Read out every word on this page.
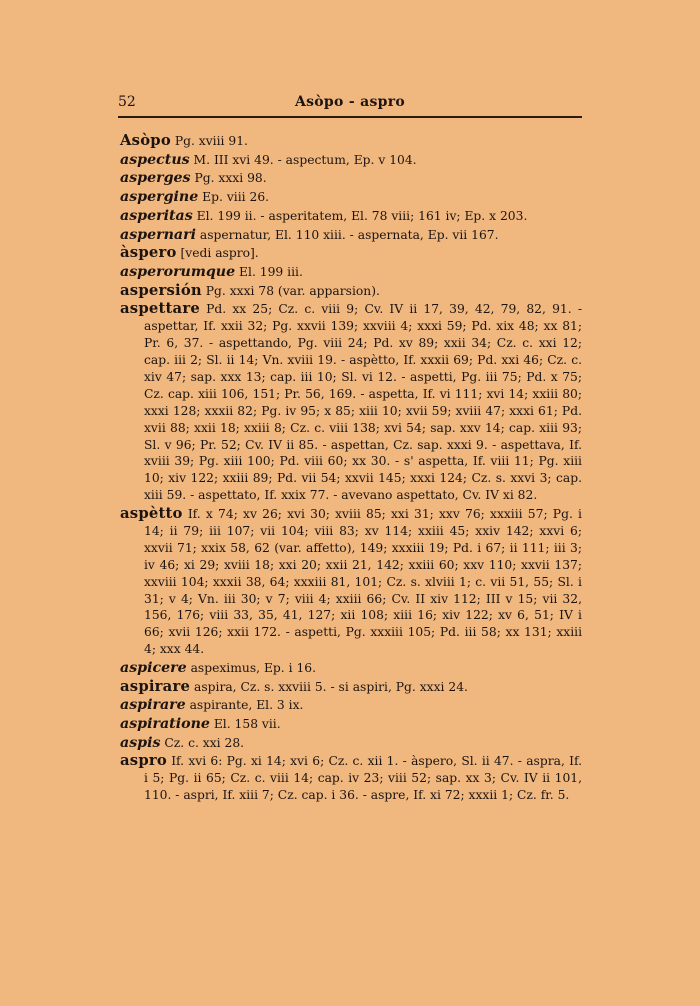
52	Asòpo - aspro
Asòpo Pg. xviii 91.
aspectus M. III xvi 49. - aspectum, Ep. v 104.
asperges Pg. xxxi 98.
aspergine Ep. viii 26.
asperitas El. 199 ii. - asperitatem, El. 78 viii; 161 iv; Ep. x 203.
aspernari aspernatur, El. 110 xiii. - aspernata, Ep. vii 167.
àspero [vedi aspro].
asperorumque El. 199 iii.
aspersión Pg. xxxi 78 (var. apparsion).
aspettare Pd. xx 25; Cz. c. viii 9; Cv. IV ii 17, 39, 42, 79, 82, 91. - aspettar, If. xxii 32; Pg. xxvii 139; xxviii 4; xxxi 59; Pd. xix 48; xx 81; Pr. 6, 37. - aspettando, Pg. viii 24; Pd. xv 89; xxii 34; Cz. c. xxi 12; cap. iii 2; Sl. ii 14; Vn. xviii 19. - aspètto, If. xxxii 69; Pd. xxi 46; Cz. c. xiv 47; sap. xxx 13; cap. iii 10; Sl. vi 12. - aspetti, Pg. iii 75; Pd. x 75; Cz. cap. xiii 106, 151; Pr. 56, 169. - aspetta, If. vi 111; xvi 14; xxiii 80; xxxi 128; xxxii 82; Pg. iv 95; x 85; xiii 10; xvii 59; xviii 47; xxxi 61; Pd. xvii 88; xxii 18; xxiii 8; Cz. c. viii 138; xvi 54; sap. xxv 14; cap. xiii 93; Sl. v 96; Pr. 52; Cv. IV ii 85. - aspettan, Cz. sap. xxxi 9. - aspettava, If. xviii 39; Pg. xiii 100; Pd. viii 60; xx 30. - s' aspetta, If. viii 11; Pg. xiii 10; xiv 122; xxiii 89; Pd. vii 54; xxvii 145; xxxi 124; Cz. s. xxvi 3; cap. xiii 59. - aspettato, If. xxix 77. - avevano aspettato, Cv. IV xi 82.
aspètto If. x 74; xv 26; xvi 30; xviii 85; xxi 31; xxv 76; xxxiii 57; Pg. i 14; ii 79; iii 107; vii 104; viii 83; xv 114; xxiii 45; xxiv 142; xxvi 6; xxvii 71; xxix 58, 62 (var. affetto), 149; xxxiii 19; Pd. i 67; ii 111; iii 3; iv 46; xi 29; xviii 18; xxi 20; xxii 21, 142; xxiii 60; xxv 110; xxvii 137; xxviii 104; xxxii 38, 64; xxxiii 81, 101; Cz. s. xlviii 1; c. vii 51, 55; Sl. i 31; v 4; Vn. iii 30; v 7; viii 4; xxiii 66; Cv. II xiv 112; III v 15; vii 32, 156, 176; viii 33, 35, 41, 127; xii 108; xiii 16; xiv 122; xv 6, 51; IV i 66; xvii 126; xxii 172. - aspetti, Pg. xxxiii 105; Pd. iii 58; xx 131; xxiii 4; xxx 44.
aspicere aspeximus, Ep. i 16.
aspirare aspira, Cz. s. xxviii 5. - si aspiri, Pg. xxxi 24.
aspirare aspirante, El. 3 ix.
aspiratione El. 158 vii.
aspis Cz. c. xxi 28.
aspro If. xvi 6: Pg. xi 14; xvi 6; Cz. c. xii 1. - àspero, Sl. ii 47. - aspra, If. i 5; Pg. ii 65; Cz. c. viii 14; cap. iv 23; viii 52; sap. xx 3; Cv. IV ii 101, 110. - aspri, If. xiii 7; Cz. cap. i 36. - aspre, If. xi 72; xxxii 1; Cz. fr. 5.
